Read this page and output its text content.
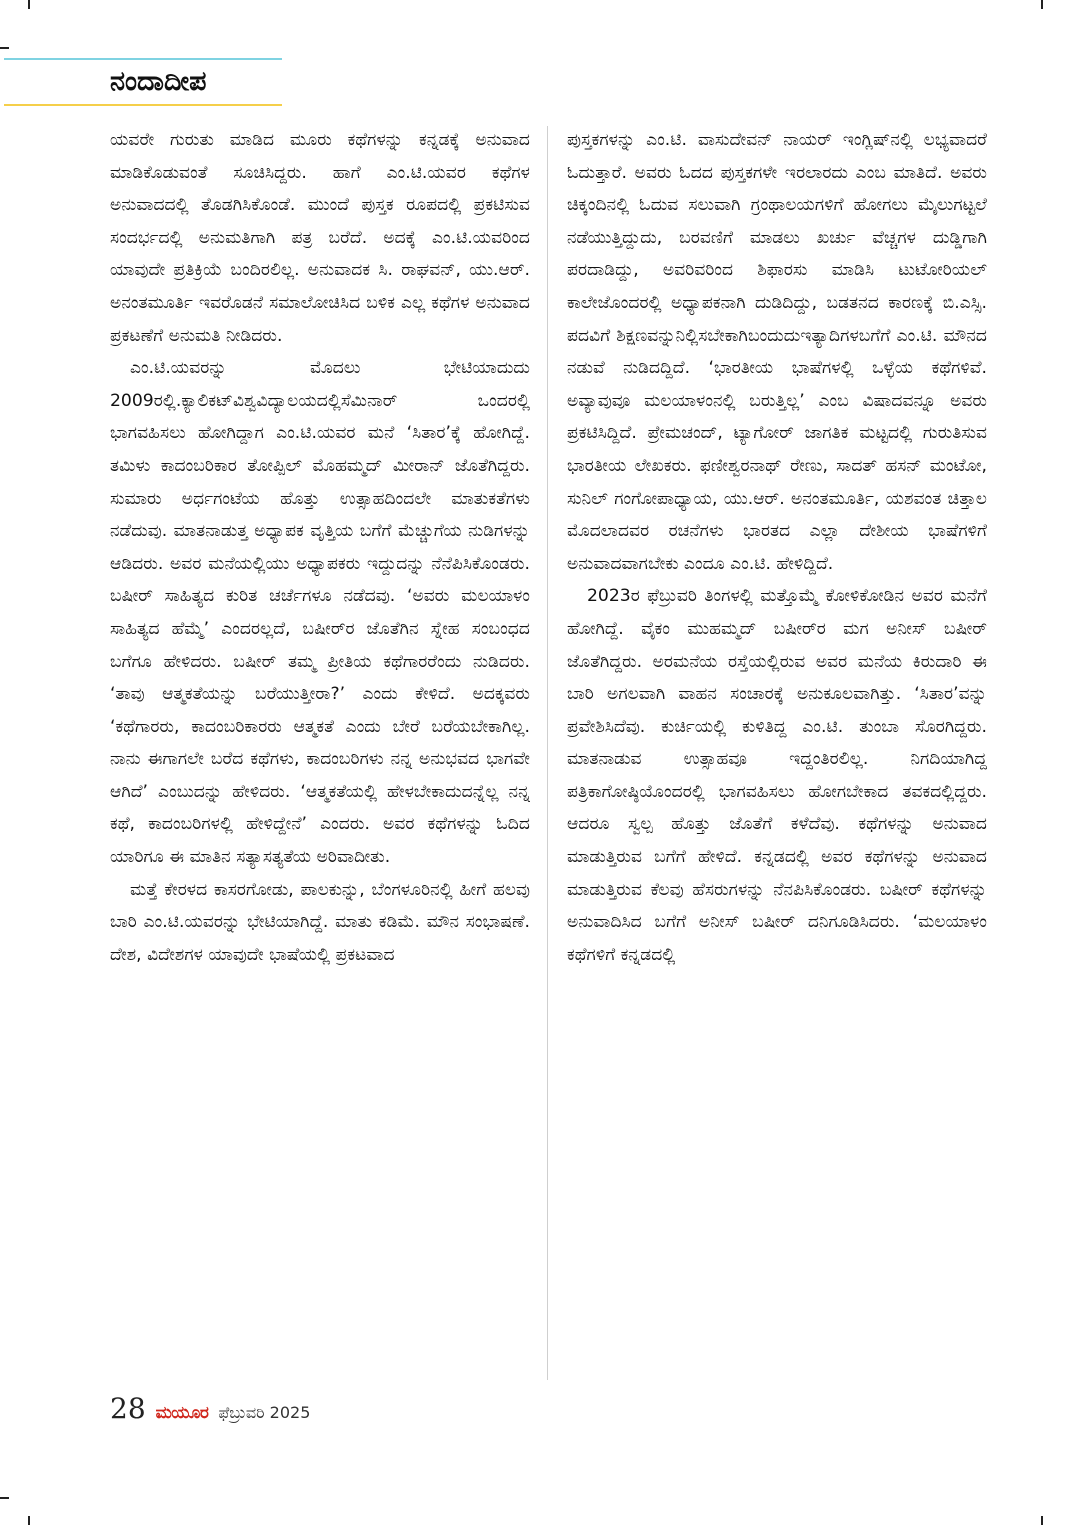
ನಂದಾದೀಪ

ಯವರೇ ಗುರುತು ಮಾಡಿದ ಮೂರು ಕಥೆಗಳನ್ನು ಕನ್ನಡಕ್ಕೆ ಅನುವಾದ ಮಾಡಿಕೊಡುವಂತೆ ಸೂಚಿಸಿದ್ದರು. ಹಾಗೆ ಎಂ.ಟಿ.ಯವರ ಕಥೆಗಳ ಅನುವಾದದಲ್ಲಿ ತೊಡಗಿಸಿಕೊಂಡೆ. ಮುಂದೆ ಪುಸ್ತಕ ರೂಪದಲ್ಲಿ ಪ್ರಕಟಿಸುವ ಸಂದರ್ಭದಲ್ಲಿ ಅನುಮತಿಗಾಗಿ ಪತ್ರ ಬರೆದೆ. ಅದಕ್ಕೆ ಎಂ.ಟಿ.ಯವರಿಂದ ಯಾವುದೇ ಪ್ರತಿಕ್ರಿಯೆ ಬಂದಿರಲಿಲ್ಲ. ಅನುವಾದಕ ಸಿ. ರಾಘವನ್, ಯು.ಆರ್. ಅನಂತಮೂರ್ತಿ ಇವರೊಡನೆ ಸಮಾಲೋಚಿಸಿದ ಬಳಿಕ ಎಲ್ಲ ಕಥೆಗಳ ಅನುವಾದ ಪ್ರಕಟಣೆಗೆ ಅನುಮತಿ ನೀಡಿದರು.

ಎಂ.ಟಿ.ಯವರನ್ನು ಮೊದಲು ಭೇಟಿಯಾದುದು 2009ರಲ್ಲಿ.ಕ್ಯಾಲಿಕಟ್‌ವಿಶ್ವವಿದ್ಯಾಲಯದಲ್ಲಿಸೆಮಿನಾರ್ ಒಂದರಲ್ಲಿ ಭಾಗವಹಿಸಲು ಹೋಗಿದ್ದಾಗ ಎಂ.ಟಿ.ಯವರ ಮನೆ ‘ಸಿತಾರ’ಕ್ಕೆ ಹೋಗಿದ್ದೆ. ತಮಿಳು ಕಾದಂಬರಿಕಾರ ತೋಪ್ಪಿಲ್ ಮೊಹಮ್ಮದ್ ಮೀರಾನ್ ಜೊತೆಗಿದ್ದರು. ಸುಮಾರು ಅರ್ಧಗಂಟೆಯ ಹೊತ್ತು ಉತ್ಸಾಹದಿಂದಲೇ ಮಾತುಕತೆಗಳು ನಡೆದುವು. ಮಾತನಾಡುತ್ತ ಅಧ್ಯಾಪಕ ವೃತ್ತಿಯ ಬಗೆಗೆ ಮೆಚ್ಚುಗೆಯ ನುಡಿಗಳನ್ನು ಆಡಿದರು. ಅವರ ಮನೆಯಲ್ಲಿಯು ಅಧ್ಯಾಪಕರು ಇದ್ದುದನ್ನು ನೆನೆಪಿಸಿಕೊಂಡರು. ಬಷೀರ್ ಸಾಹಿತ್ಯದ ಕುರಿತ ಚರ್ಚೆಗಳೂ ನಡೆದವು. ‘ಅವರು ಮಲಯಾಳಂ ಸಾಹಿತ್ಯದ ಹೆಮ್ಮೆ’ ಎಂದರಲ್ಲದೆ, ಬಷೀರ್‌ರ ಜೊತೆಗಿನ ಸ್ನೇಹ ಸಂಬಂಧದ ಬಗೆಗೂ ಹೇಳಿದರು. ಬಷೀರ್ ತಮ್ಮ ಪ್ರೀತಿಯ ಕಥೆಗಾರರೆಂದು ನುಡಿದರು. ‘ತಾವು ಆತ್ಮಕತೆಯನ್ನು ಬರೆಯುತ್ತೀರಾ?’ ಎಂದು ಕೇಳಿದೆ. ಅದಕ್ಕವರು ‘ಕಥೆಗಾರರು, ಕಾದಂಬರಿಕಾರರು ಆತ್ಮಕತೆ ಎಂದು ಬೇರೆ ಬರೆಯಬೇಕಾಗಿಲ್ಲ. ನಾನು ಈಗಾಗಲೇ ಬರೆದ ಕಥೆಗಳು, ಕಾದಂಬರಿಗಳು ನನ್ನ ಅನುಭವದ ಭಾಗವೇ ಆಗಿದೆ’ ಎಂಬುದನ್ನು ಹೇಳಿದರು. ‘ಆತ್ಮಕತೆಯಲ್ಲಿ ಹೇಳಬೇಕಾದುದನ್ನೆಲ್ಲ ನನ್ನ ಕಥೆ, ಕಾದಂಬರಿಗಳಲ್ಲಿ ಹೇಳಿದ್ದೇನೆ’ ಎಂದರು. ಅವರ ಕಥೆಗಳನ್ನು ಓದಿದ ಯಾರಿಗೂ ಈ ಮಾತಿನ ಸತ್ಯಾಸತ್ಯತೆಯ ಅರಿವಾದೀತು.

ಮತ್ತೆ ಕೇರಳದ ಕಾಸರಗೋಡು, ಪಾಲಕುನ್ನು, ಬೆಂಗಳೂರಿನಲ್ಲಿ ಹೀಗೆ ಹಲವು ಬಾರಿ ಎಂ.ಟಿ.ಯವರನ್ನು ಭೇಟಿಯಾಗಿದ್ದೆ. ಮಾತು ಕಡಿಮೆ. ಮೌನ ಸಂಭಾಷಣೆ. ದೇಶ, ವಿದೇಶಗಳ ಯಾವುದೇ ಭಾಷೆಯಲ್ಲಿ ಪ್ರಕಟವಾದ

ಪುಸ್ತಕಗಳನ್ನು ಎಂ.ಟಿ. ವಾಸುದೇವನ್ ನಾಯರ್ ಇಂಗ್ಲಿಷ್‌ನಲ್ಲಿ ಲಭ್ಯವಾದರೆ ಓದುತ್ತಾರೆ. ಅವರು ಓದದ ಪುಸ್ತಕಗಳೇ ಇರಲಾರದು ಎಂಬ ಮಾತಿದೆ. ಅವರು ಚಿಕ್ಕಂದಿನಲ್ಲಿ ಓದುವ ಸಲುವಾಗಿ ಗ್ರಂಥಾಲಯಗಳಿಗೆ ಹೋಗಲು ಮೈಲುಗಟ್ಟಲೆ ನಡೆಯುತ್ತಿದ್ದುದು, ಬರವಣಿಗೆ ಮಾಡಲು ಖರ್ಚು ವೆಚ್ಚಗಳ ದುಡ್ಡಿಗಾಗಿ ಪರದಾಡಿದ್ದು, ಅವರಿವರಿಂದ ಶಿಫಾರಸು ಮಾಡಿಸಿ ಟುಟೋರಿಯಲ್ ಕಾಲೇಜೊಂದರಲ್ಲಿ ಅಧ್ಯಾಪಕನಾಗಿ ದುಡಿದಿದ್ದು, ಬಡತನದ ಕಾರಣಕ್ಕೆ ಬಿ.ಎಸ್ಸಿ. ಪದವಿಗೆ ಶಿಕ್ಷಣವನ್ನುನಿಲ್ಲಿಸಬೇಕಾಗಿಬಂದುದುಇತ್ಯಾದಿಗಳಬಗೆಗೆ ಎಂ.ಟಿ. ಮೌನದ ನಡುವೆ ನುಡಿದದ್ದಿದೆ. ‘ಭಾರತೀಯ ಭಾಷೆಗಳಲ್ಲಿ ಒಳ್ಳೆಯ ಕಥೆಗಳಿವೆ. ಅವ್ಯಾವುವೂ ಮಲಯಾಳಂನಲ್ಲಿ ಬರುತ್ತಿಲ್ಲ’ ಎಂಬ ವಿಷಾದವನ್ನೂ ಅವರು ಪ್ರಕಟಿಸಿದ್ದಿದೆ. ಪ್ರೇಮಚಂದ್, ಟ್ಯಾಗೋರ್ ಜಾಗತಿಕ ಮಟ್ಟದಲ್ಲಿ ಗುರುತಿಸುವ ಭಾರತೀಯ ಲೇಖಕರು. ಫಣೀಶ್ವರನಾಥ್ ರೇಣು, ಸಾದತ್ ಹಸನ್ ಮಂಟೋ, ಸುನಿಲ್ ಗಂಗೋಪಾಧ್ಯಾಯ, ಯು.ಆರ್. ಅನಂತಮೂರ್ತಿ, ಯಶವಂತ ಚಿತ್ತಾಲ ಮೊದಲಾದವರ ರಚನೆಗಳು ಭಾರತದ ಎಲ್ಲಾ ದೇಶೀಯ ಭಾಷೆಗಳಿಗೆ ಅನುವಾದವಾಗಬೇಕು ಎಂದೂ ಎಂ.ಟಿ. ಹೇಳಿದ್ದಿದೆ.

2023ರ ಫೆಬ್ರುವರಿ ತಿಂಗಳಲ್ಲಿ ಮತ್ತೊಮ್ಮೆ ಕೋಳಿಕೋಡಿನ ಅವರ ಮನೆಗೆ ಹೋಗಿದ್ದೆ. ವೈಕಂ ಮುಹಮ್ಮದ್ ಬಷೀರ್‌ರ ಮಗ ಅನೀಸ್ ಬಷೀರ್ ಜೊತೆಗಿದ್ದರು. ಅರಮನೆಯ ರಸ್ತೆಯಲ್ಲಿರುವ ಅವರ ಮನೆಯ ಕಿರುದಾರಿ ಈ ಬಾರಿ ಅಗಲವಾಗಿ ವಾಹನ ಸಂಚಾರಕ್ಕೆ ಅನುಕೂಲವಾಗಿತ್ತು. ‘ಸಿತಾರ’ವನ್ನು ಪ್ರವೇಶಿಸಿದೆವು. ಕುರ್ಚಿಯಲ್ಲಿ ಕುಳಿತಿದ್ದ ಎಂ.ಟಿ. ತುಂಬಾ ಸೊರಗಿದ್ದರು. ಮಾತನಾಡುವ ಉತ್ಸಾಹವೂ ಇದ್ದಂತಿರಲಿಲ್ಲ. ನಿಗದಿಯಾಗಿದ್ದ ಪತ್ರಿಕಾಗೋಷ್ಠಿಯೊಂದರಲ್ಲಿ ಭಾಗವಹಿಸಲು ಹೋಗಬೇಕಾದ ತವಕದಲ್ಲಿದ್ದರು. ಆದರೂ ಸ್ವಲ್ಪ ಹೊತ್ತು ಜೊತೆಗೆ ಕಳೆದೆವು. ಕಥೆಗಳನ್ನು ಅನುವಾದ ಮಾಡುತ್ತಿರುವ ಬಗೆಗೆ ಹೇಳಿದೆ. ಕನ್ನಡದಲ್ಲಿ ಅವರ ಕಥೆಗಳನ್ನು ಅನುವಾದ ಮಾಡುತ್ತಿರುವ ಕೆಲವು ಹೆಸರುಗಳನ್ನು ನೆನಪಿಸಿಕೊಂಡರು. ಬಷೀರ್ ಕಥೆಗಳನ್ನು ಅನುವಾದಿಸಿದ ಬಗೆಗೆ ಅನೀಸ್ ಬಷೀರ್ ದನಿಗೂಡಿಸಿದರು. ‘ಮಲಯಾಳಂ ಕಥೆಗಳಿಗೆ ಕನ್ನಡದಲ್ಲಿ

28 ಮಯೂರ ಫೆಬ್ರುವರಿ 2025
